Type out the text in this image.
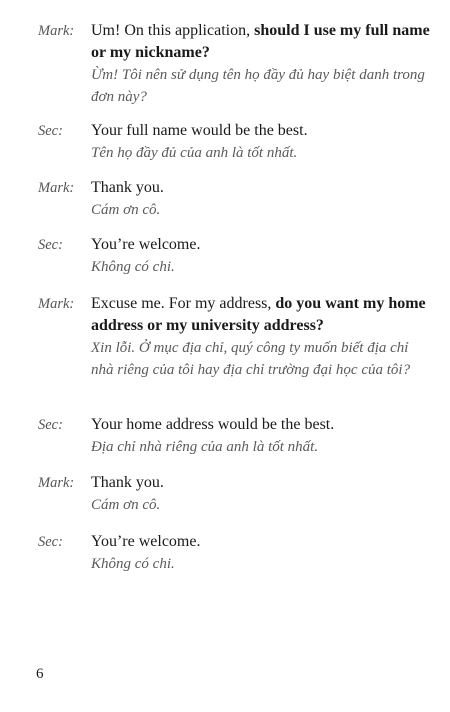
Mark: Um! On this application, should I use my full name or my nickname?

Ừm! Tôi nên sử dụng tên họ đầy đủ hay biệt danh trong đơn này?

Sec: Your full name would be the best.

Tên họ đầy đủ của anh là tốt nhất.

Mark: Thank you.

Cám ơn cô.

Sec: You’re welcome.

Không có chi.

Mark: Excuse me. For my address, do you want my home address or my university address?

Xin lỗi. Ở mục địa chỉ, quý công ty muốn biết địa chỉ nhà riêng của tôi hay địa chỉ trường đại học của tôi?

Sec: Your home address would be the best.

Địa chỉ nhà riêng của anh là tốt nhất.

Mark: Thank you.

Cám ơn cô.

Sec: You’re welcome.

Không có chi.

6
